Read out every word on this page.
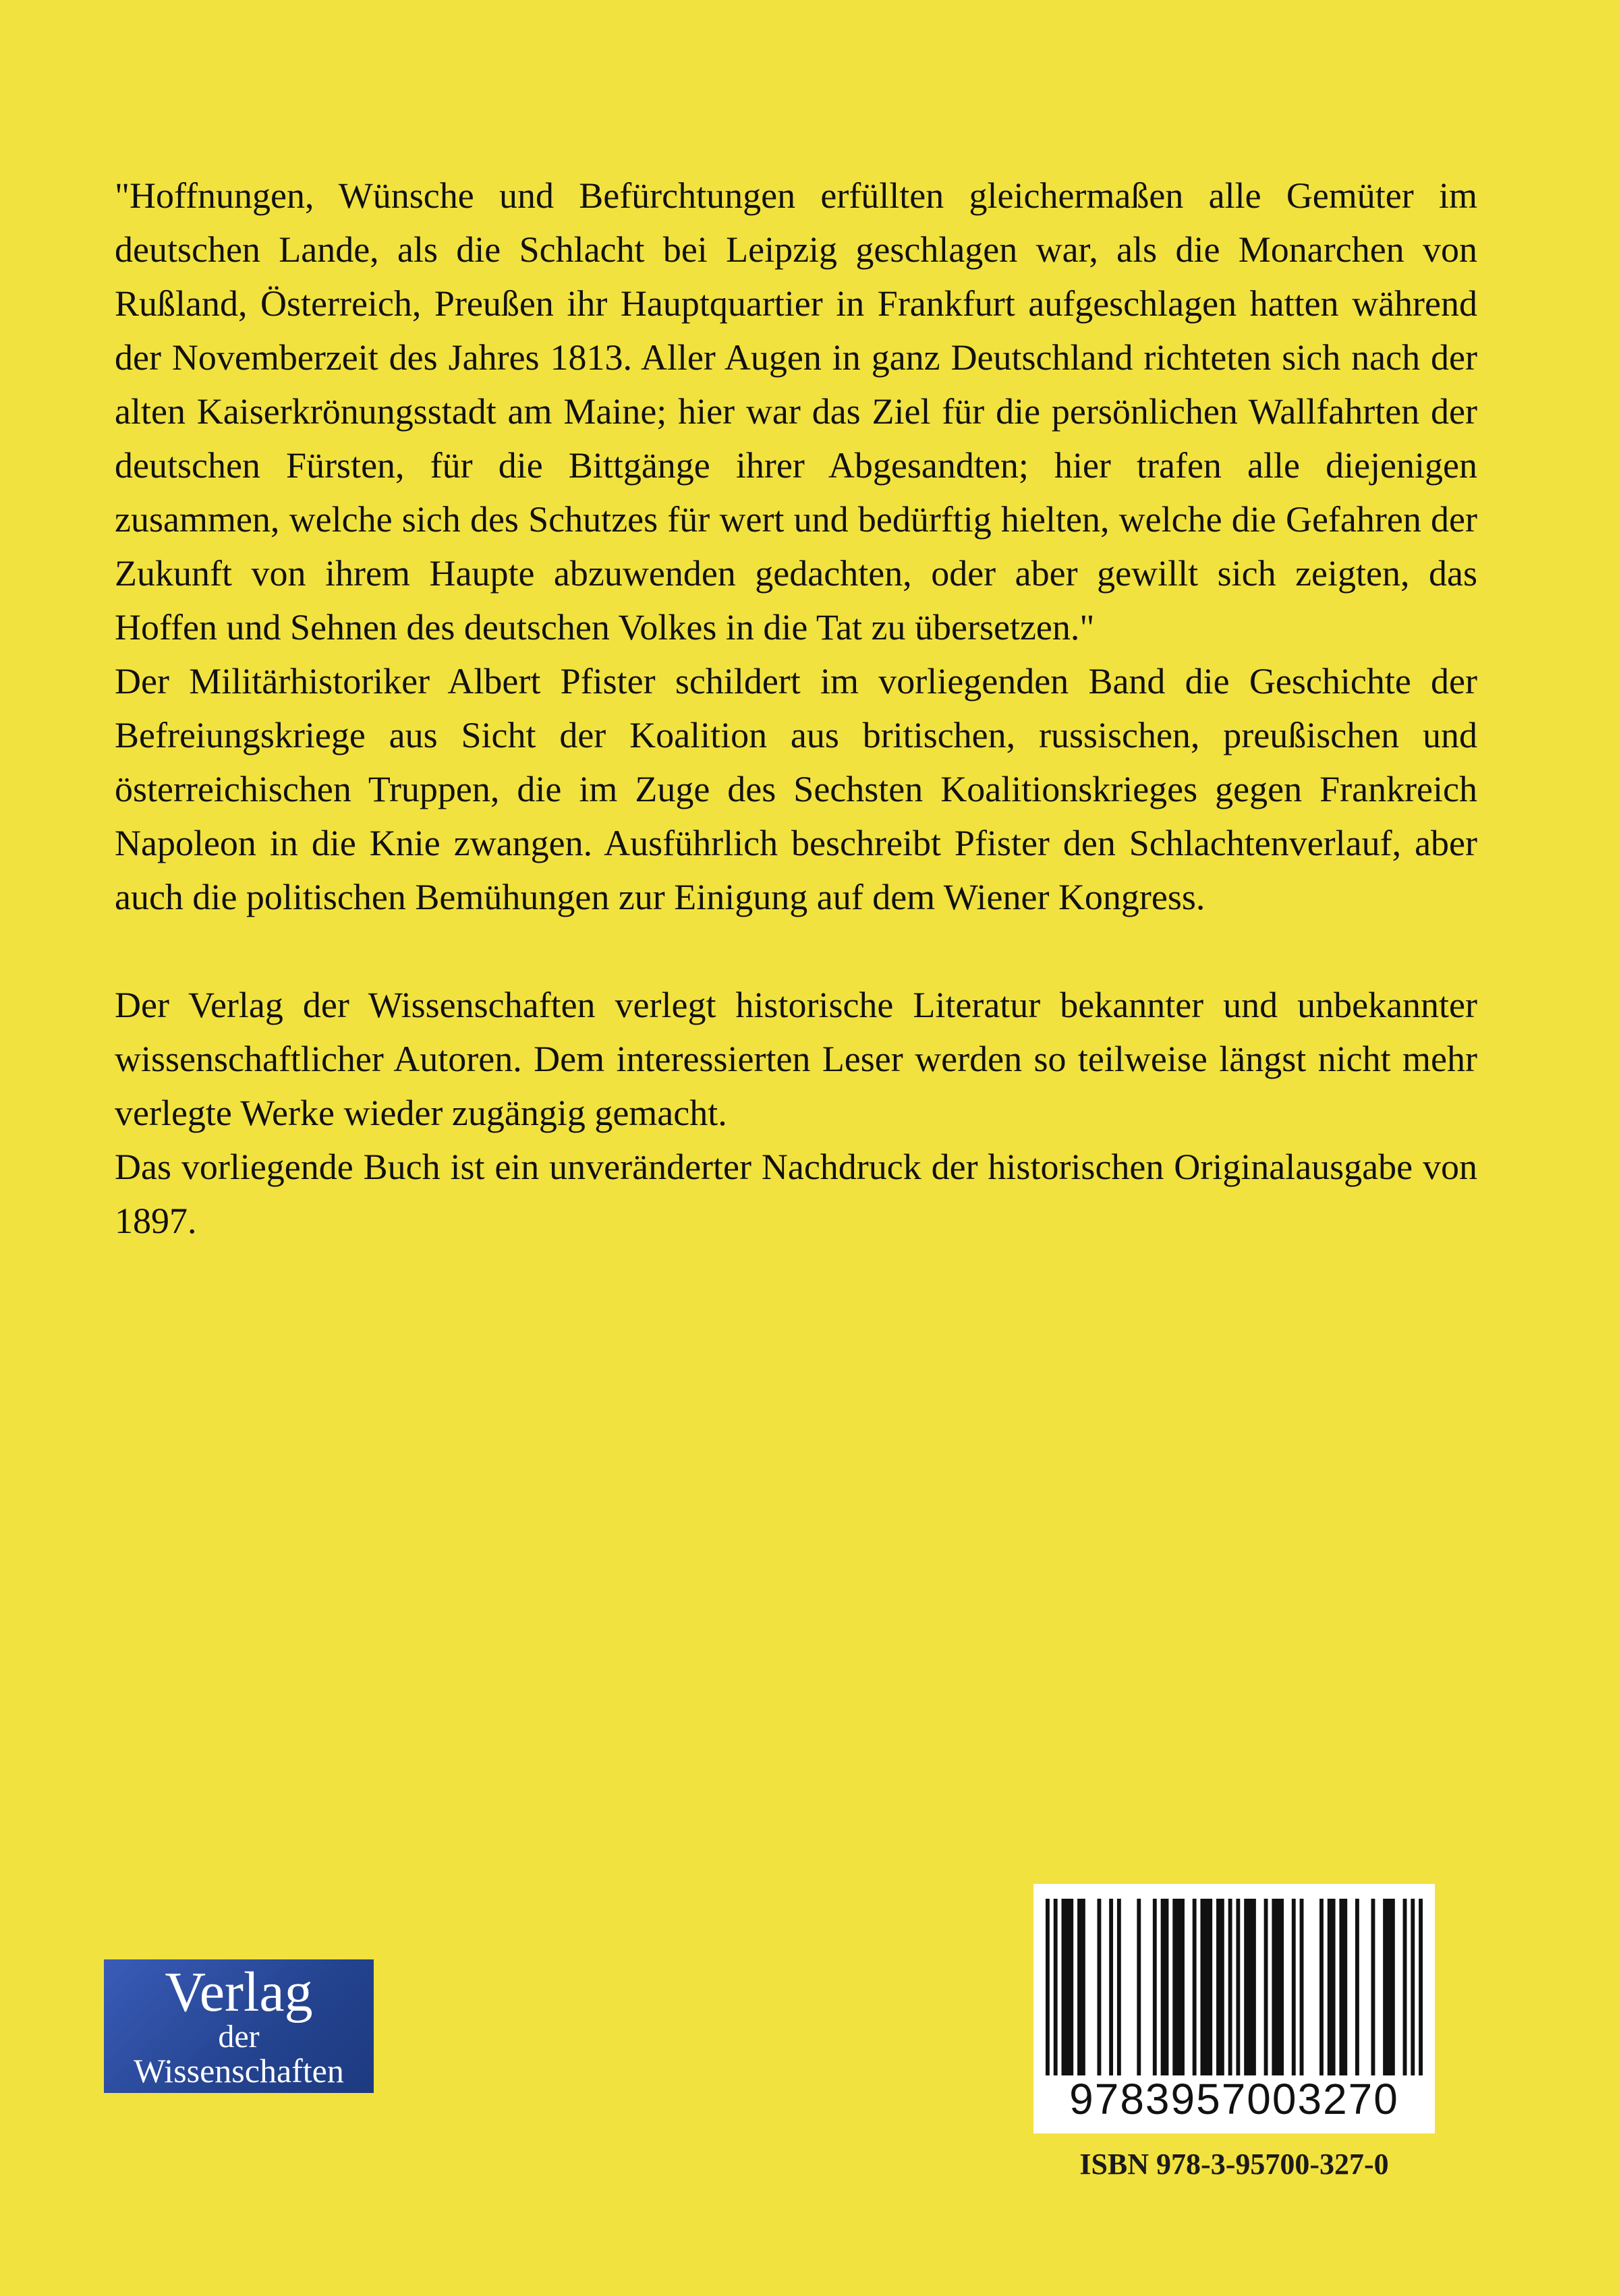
"Hoffnungen, Wünsche und Befürchtungen erfüllten gleichermaßen alle Gemüter im deutschen Lande, als die Schlacht bei Leipzig geschlagen war, als die Monarchen von Rußland, Österreich, Preußen ihr Hauptquartier in Frankfurt aufgeschlagen hatten während der Novemberzeit des Jahres 1813. Aller Augen in ganz Deutschland richteten sich nach der alten Kaiserkrönungsstadt am Maine; hier war das Ziel für die persönlichen Wallfahrten der deutschen Fürsten, für die Bittgänge ihrer Abgesandten; hier trafen alle diejenigen zusammen, welche sich des Schutzes für wert und bedürftig hielten, welche die Gefahren der Zukunft von ihrem Haupte abzuwenden gedachten, oder aber gewillt sich zeigten, das Hoffen und Sehnen des deutschen Volkes in die Tat zu übersetzen."

Der Militärhistoriker Albert Pfister schildert im vorliegenden Band die Geschichte der Befreiungskriege aus Sicht der Koalition aus britischen, russischen, preußischen und österreichischen Truppen, die im Zuge des Sechsten Koalitionskrieges gegen Frankreich Napoleon in die Knie zwangen. Ausführlich beschreibt Pfister den Schlachtenverlauf, aber auch die politischen Bemühungen zur Einigung auf dem Wiener Kongress.

Der Verlag der Wissenschaften verlegt historische Literatur bekannter und unbekannter wissenschaftlicher Autoren. Dem interessierten Leser werden so teilweise längst nicht mehr verlegte Werke wieder zugängig gemacht.

Das vorliegende Buch ist ein unveränderter Nachdruck der historischen Originalausgabe von 1897.

Verlag
der
Wissenschaften
9783957003270
ISBN 978-3-95700-327-0
